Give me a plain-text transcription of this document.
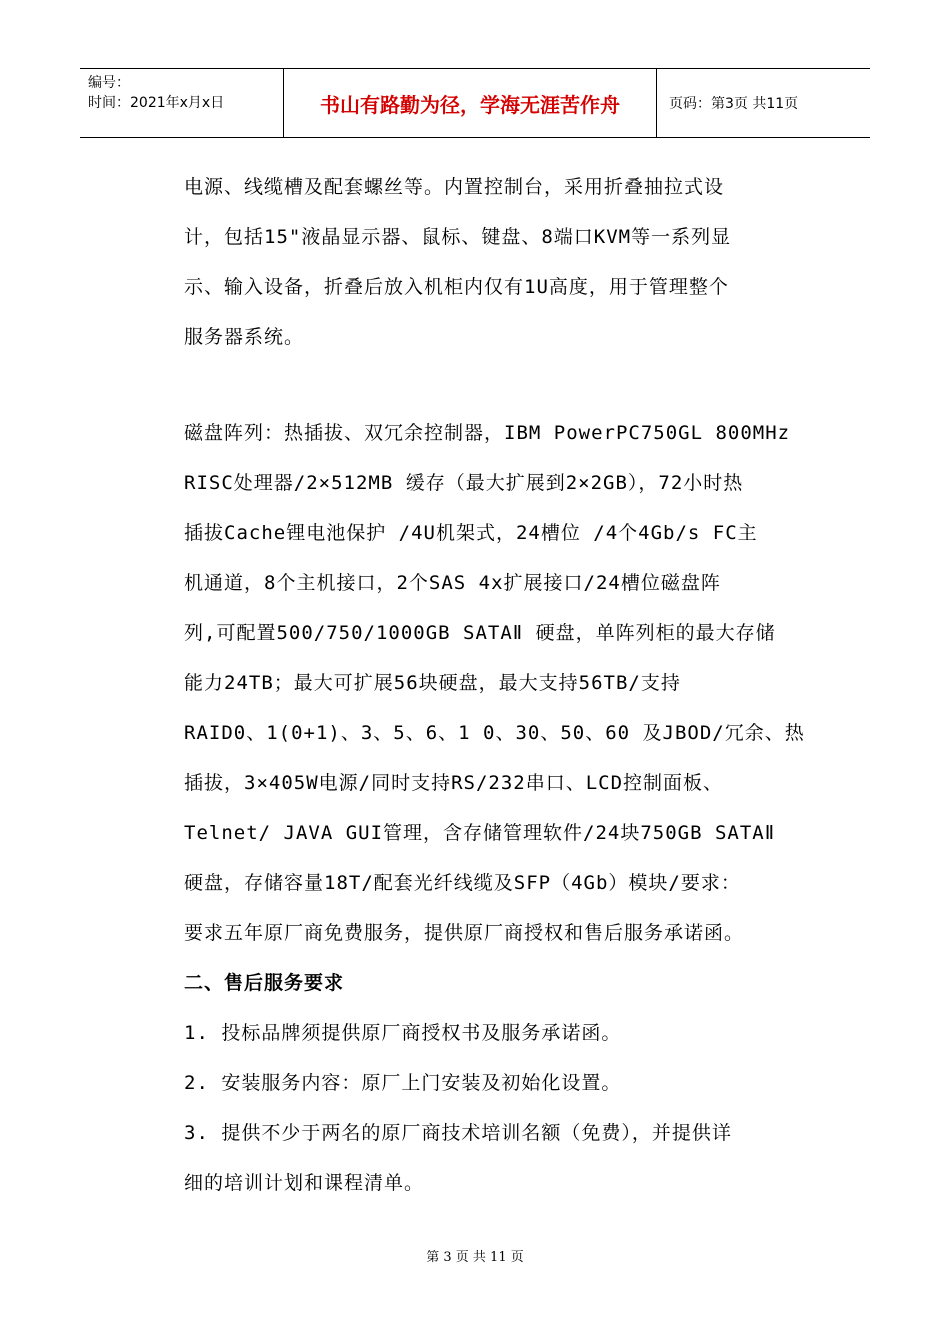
编号：
时间：2021年x月x日	书山有路勤为径，学海无涯苦作舟	页码：第3页 共11页
电源、线缆槽及配套螺丝等。内置控制台，采用折叠抽拉式设
计，包括15"液晶显示器、鼠标、键盘、8端口KVM等一系列显
示、输入设备，折叠后放入机柜内仅有1U高度，用于管理整个
服务器系统。
磁盘阵列：热插拔、双冗余控制器，IBM PowerPC750GL 800MHz
RISC处理器/2×512MB 缓存（最大扩展到2×2GB），72小时热
插拔Cache锂电池保护 /4U机架式，24槽位 /4个4Gb/s FC主
机通道，8个主机接口，2个SAS 4x扩展接口/24槽位磁盘阵
列,可配置500/750/1000GB SATAⅡ 硬盘，单阵列柜的最大存储
能力24TB；最大可扩展56块硬盘，最大支持56TB/支持
RAID0、1(0+1)、3、5、6、1 0、30、50、60 及JBOD/冗余、热
插拔，3×405W电源/同时支持RS/232串口、LCD控制面板、
Telnet/ JAVA GUI管理，含存储管理软件/24块750GB SATAⅡ
硬盘，存储容量18T/配套光纤线缆及SFP（4Gb）模块/要求：
要求五年原厂商免费服务，提供原厂商授权和售后服务承诺函。
二、售后服务要求
1. 投标品牌须提供原厂商授权书及服务承诺函。
2. 安装服务内容：原厂上门安装及初始化设置。
3. 提供不少于两名的原厂商技术培训名额（免费），并提供详
细的培训计划和课程清单。
第 3 页 共 11 页
